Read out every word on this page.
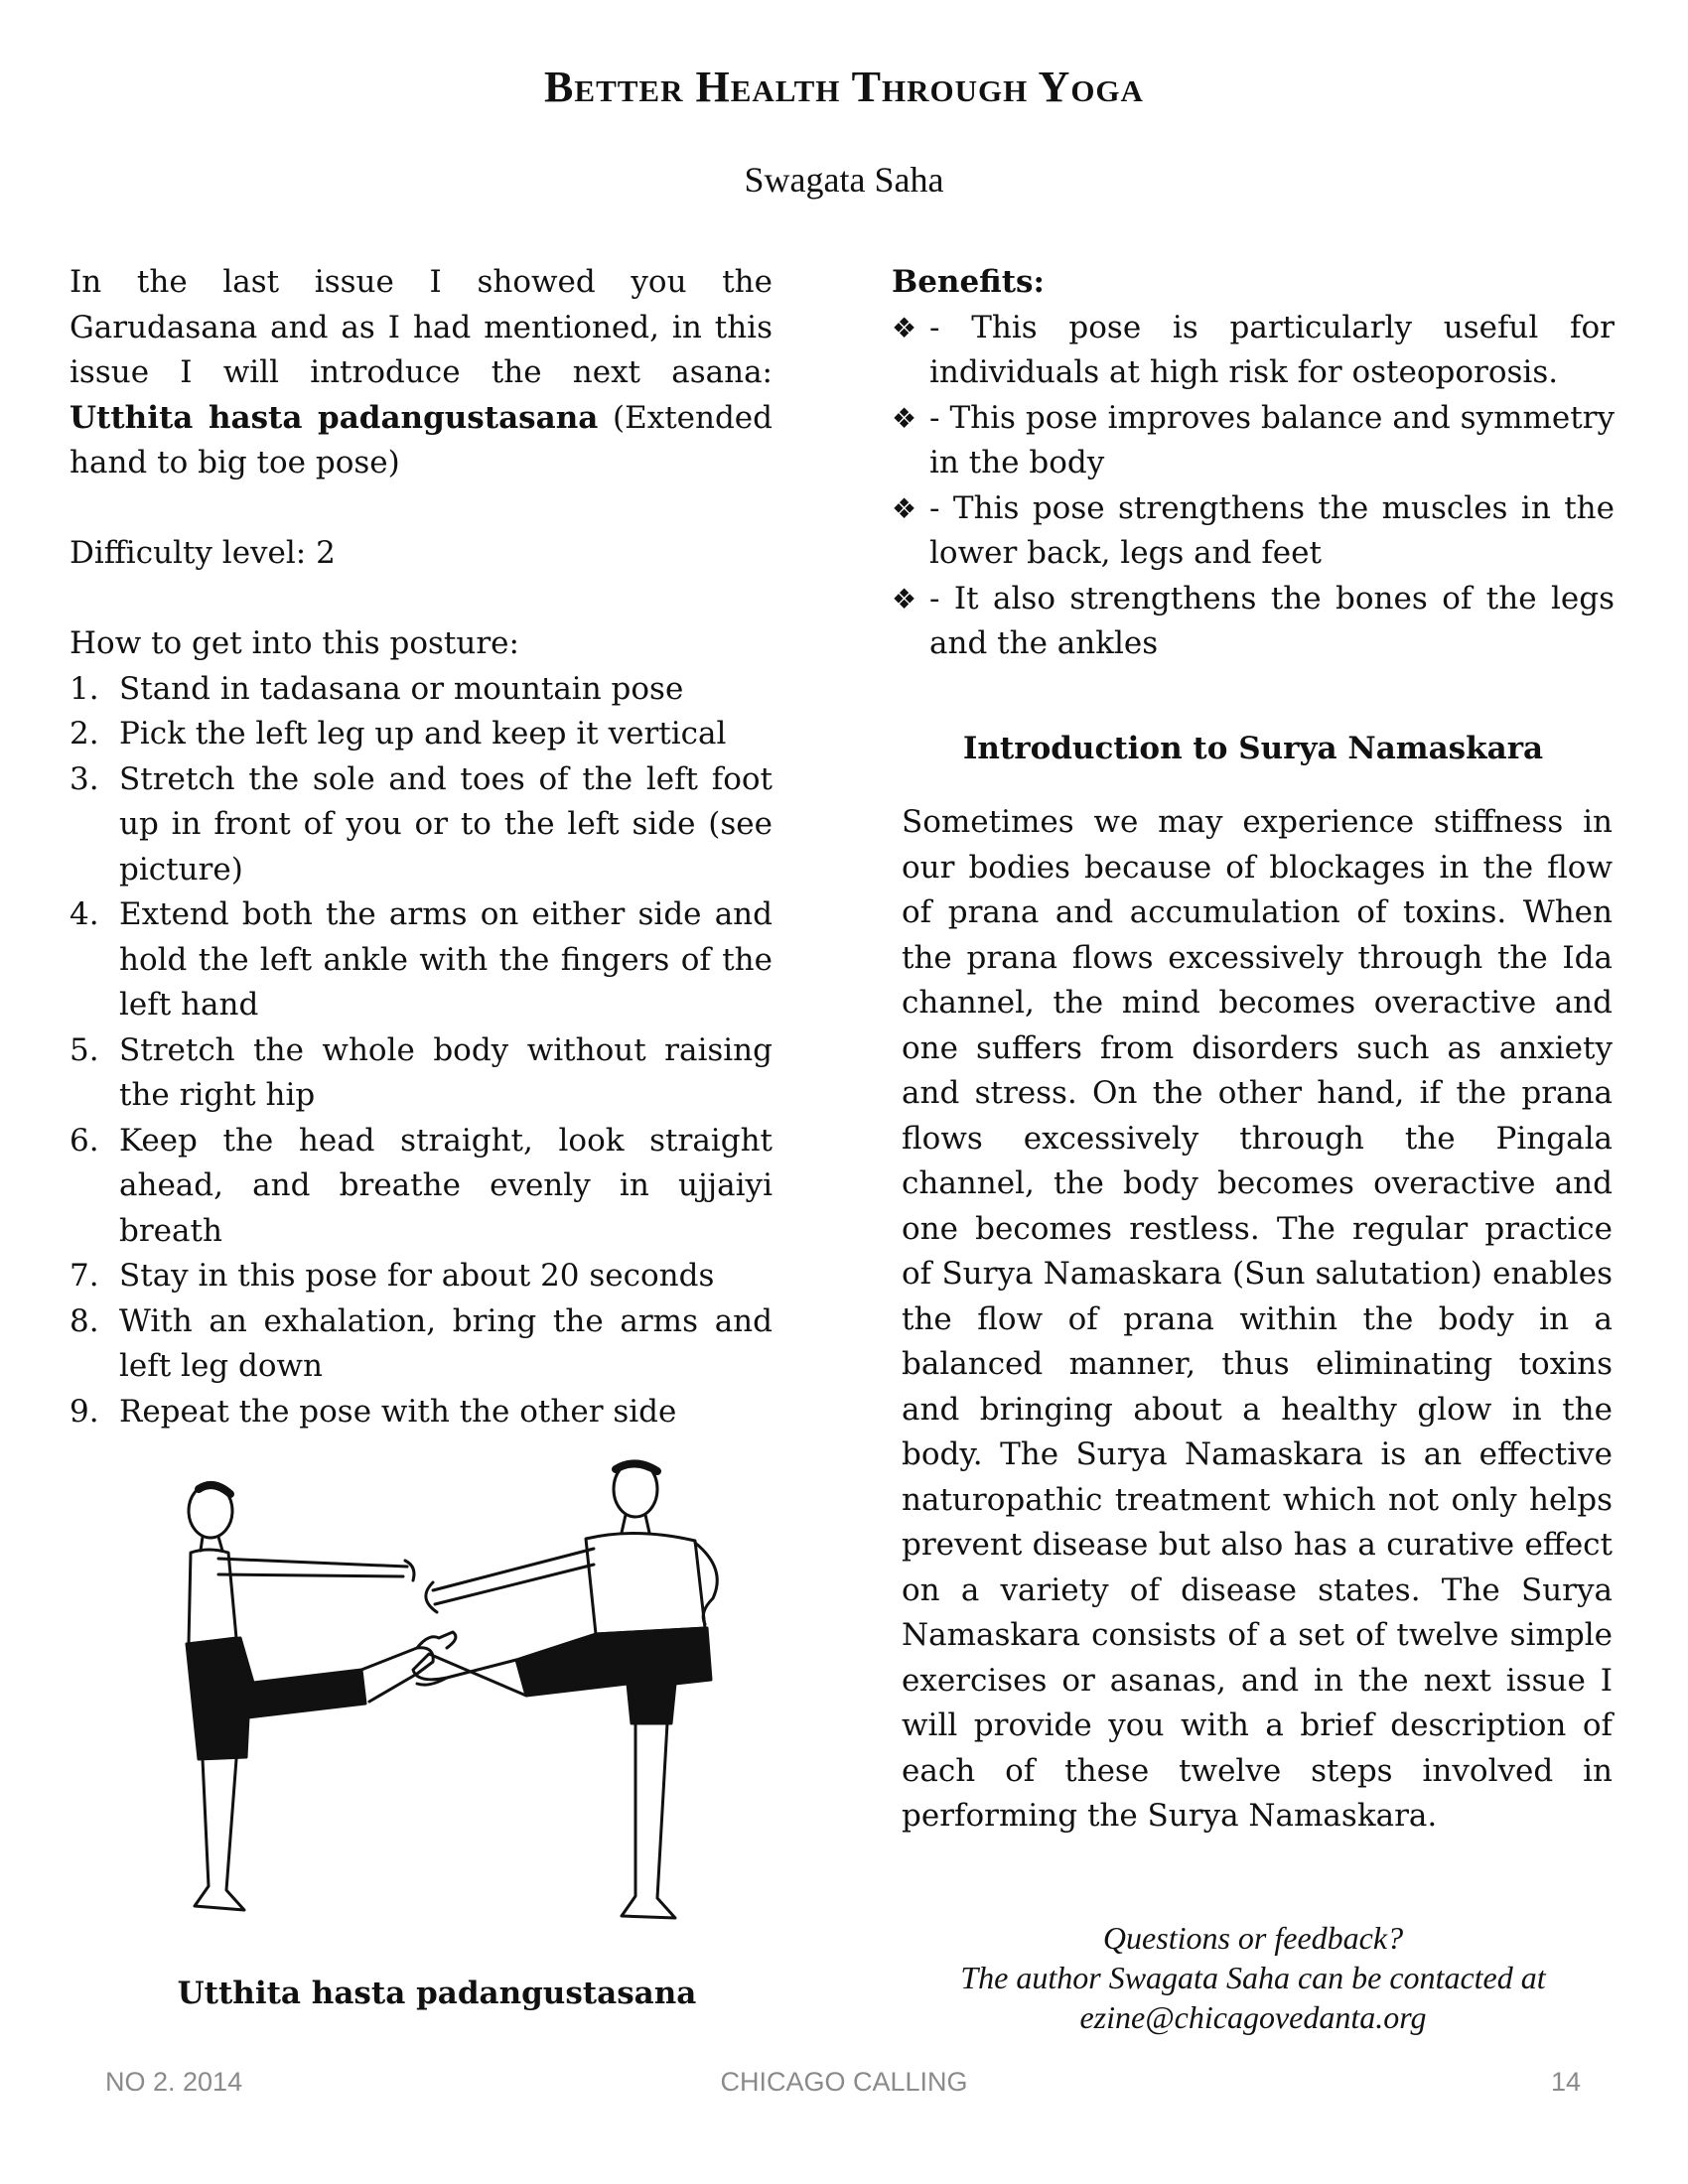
Better Health Through Yoga
Swagata Saha

In the last issue I showed you the Garudasana and as I had mentioned, in this issue I will introduce the next asana: Utthita hasta padangustasana (Extended hand to big toe pose)

Difficulty level: 2

How to get into this posture:

1. Stand in tadasana or mountain pose
2. Pick the left leg up and keep it vertical
3. Stretch the sole and toes of the left foot up in front of you or to the left side (see picture)
4. Extend both the arms on either side and hold the left ankle with the fingers of the left hand
5. Stretch the whole body without raising the right hip
6. Keep the head straight, look straight ahead, and breathe evenly in ujjaiyi breath
7. Stay in this pose for about 20 seconds
8. With an exhalation, bring the arms and left leg down
9. Repeat the pose with the other side
Utthita hasta padangustasana

Benefits:

❖ - This pose is particularly useful for individuals at high risk for osteoporosis.
❖ - This pose improves balance and symmetry in the body
❖ - This pose strengthens the muscles in the lower back, legs and feet
❖ - It also strengthens the bones of the legs and the ankles
Introduction to Surya Namaskara

Sometimes we may experience stiffness in our bodies because of blockages in the flow of prana and accumulation of toxins. When the prana flows excessively through the Ida channel, the mind becomes overactive and one suffers from disorders such as anxiety and stress. On the other hand, if the prana flows excessively through the Pingala channel, the body becomes overactive and one becomes restless. The regular practice of Surya Namaskara (Sun salutation) enables the flow of prana within the body in a balanced manner, thus eliminating toxins and bringing about a healthy glow in the body. The Surya Namaskara is an effective naturopathic treatment which not only helps prevent disease but also has a curative effect on a variety of disease states. The Surya Namaskara consists of a set of twelve simple exercises or asanas, and in the next issue I will provide you with a brief description of each of these twelve steps involved in performing the Surya Namaskara.

Questions or feedback?
The author Swagata Saha can be contacted at
ezine@chicagovedanta.org
CHICAGO CALLING
NO 2. 2014	14
